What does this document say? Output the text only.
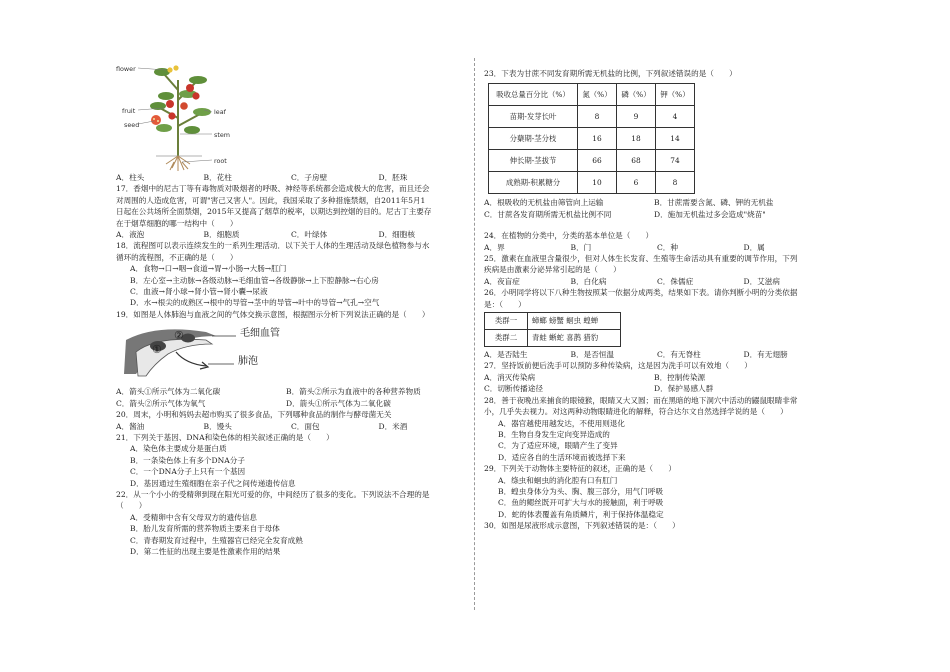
flower
leaf
fruit
seed
stem
root
A．柱头	B．花柱	C．子房壁	D．胚珠

17．香烟中的尼古丁等有毒物质对吸烟者的呼吸、神经等系统都会造成极大的危害，而且还会

对周围的人造成危害，可谓"害己又害人"。因此，我国采取了多种措施禁烟，自2011年5月1

日起在公共场所全面禁烟，2015年又提高了烟草的税率，以期达到控烟的目的。尼古丁主要存

在于烟草细胞的哪一结构中（　　）

A．液泡	B．细胞质	C．叶绿体	D．细胞核

18．流程图可以表示连续发生的一系列生理活动．以下关于人体的生理活动及绿色植物参与水

循环的流程图，不正确的是（　　）

A．食物→口→咽→食道→胃→小肠→大肠→肛门

B．左心室→主动脉→各级动脉→毛细血管→各级静脉→上下腔静脉→右心房

C．血液→肾小球→肾小管→肾小囊→尿液

D．水→根尖的成熟区→根中的导管→茎中的导管→叶中的导管→气孔→空气

19．如图是人体肺泡与血液之间的气体交换示意图，根据图示分析下列说法正确的是（　　）

①
②	毛细血管
肺泡
A．箭头①所示气体为二氧化碳	B．箭头②所示为血液中的各种营养物质
C．箭头②所示气体为氧气	D．箭头①所示气体为二氧化碳

20．周末，小明和妈妈去超市购买了很多食品，下列哪种食品的制作与酵母菌无关

A．酱油	B．馒头	C．面包	D．米酒

21．下列关于基因、DNA和染色体的相关叙述正确的是（　　）

A．染色体主要成分是蛋白质

B．一条染色体上有多个DNA分子

C．一个DNA分子上只有一个基因

D．基因通过生殖细胞在亲子代之间传递遗传信息

22．从一个小小的受精卵到现在阳光可爱的你，中间经历了很多的变化。下列说法不合理的是

（　　）

A．受精卵中含有父母双方的遗传信息

B．胎儿发育所需的营养物质主要来自于母体

C．青春期发育过程中，生殖器官已经完全发育成熟

D．第二性征的出现主要是性激素作用的结果

23．下表为甘蔗不同发育期所需无机盐的比例，下列叙述错误的是（　　）

吸收总量百分比（%）	氮（%）	磷（%）	钾（%）
苗期-发芽长叶	8	9	4
分蘖期-茎分枝	16	18	14
伸长期-茎拔节	66	68	74
成熟期-积累糖分	10	6	8
A．根吸收的无机盐由筛管向上运输	B．甘蔗需要含氮、磷、钾的无机盐
C．甘蔗各发育期所需无机盐比例不同	D．施加无机盐过多会造成"烧苗"

24．在植物的分类中，分类的基本单位是（　　）

A．界	B．门	C．种	D．属

25．激素在血液里含量很少，但对人体生长发育、生殖等生命活动具有重要的调节作用，下列

疾病是由激素分泌异常引起的是（　　）

A．夜盲症	B．白化病	C．侏儒症	D．艾滋病

26．小明同学将以下八种生物按照某一依据分成两类，结果如下表。请你判断小明的分类依据

是：（　　）

类群一	蟑螂 螃蟹 蛔虫 蝗蝉
类群二	青蛙 蜥蛇 喜鹊 猎豹
A．是否陆生	B．是否恒温	C．有无脊柱	D．有无翅膀

27．坚持饭前便后洗手可以预防多种传染病，这是因为洗手可以有效地（　　）

A．消灭传染病	B．控制传染源
C．切断传播途径	D．保护易感人群

28．善于夜晚出来捕食的眼镜猴，眼睛又大又圆；而在黑暗的地下洞穴中活动的鼹鼠眼睛非常

小，几乎失去视力。对这两种动物眼睛进化的解释，符合达尔文自然选择学说的是（　　）

A．器官越使用越发达，不使用则退化

B．生物自身发生定向变异造成的

C．为了适应环境，眼睛产生了变异

D．适应各自的生活环境而被选择下来

29．下列关于动物体主要特征的叙述，正确的是（　　）

A．绦虫和蛔虫的消化腔有口有肛门

B．蝗虫身体分为头、胸、腹三部分，用气门呼吸

C．鱼的鳃丝既开可扩大与水的接触面，利于呼吸

D．蛇的体表覆盖有角质鳞片，利于保持体温稳定

30．如图是尿液形成示意图，下列叙述错误的是：（　　）
